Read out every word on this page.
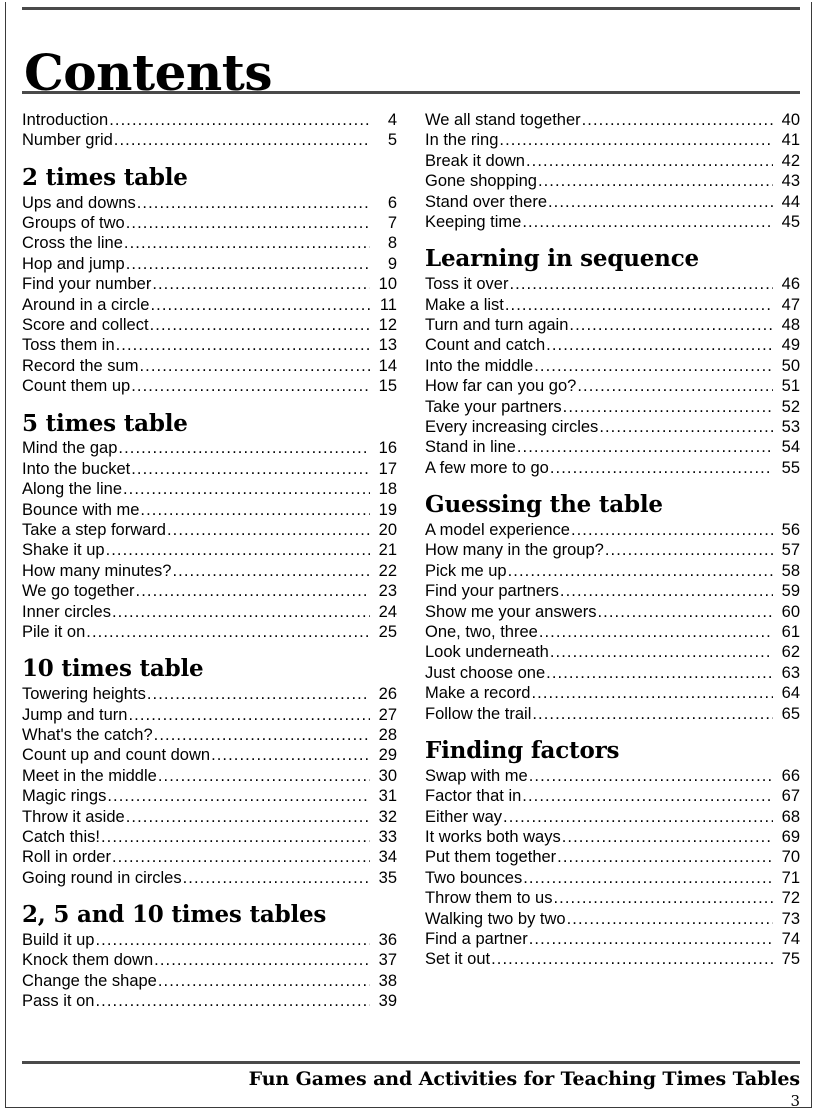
Contents
Introduction .....	4
Number grid .....	5
2 times table
Ups and downs .....	6
Groups of two .....	7
Cross the line .....	8
Hop and jump .....	9
Find your number .....	10
Around in a circle .....	11
Score and collect .....	12
Toss them in .....	13
Record the sum .....	14
Count them up .....	15
5 times table
Mind the gap .....	16
Into the bucket .....	17
Along the line .....	18
Bounce with me .....	19
Take a step forward .....	20
Shake it up .....	21
How many minutes? .....	22
We go together .....	23
Inner circles .....	24
Pile it on .....	25
10 times table
Towering heights .....	26
Jump and turn .....	27
What's the catch? .....	28
Count up and count down .....	29
Meet in the middle .....	30
Magic rings .....	31
Throw it aside .....	32
Catch this! .....	33
Roll in order .....	34
Going round in circles .....	35
2, 5 and 10 times tables
Build it up .....	36
Knock them down .....	37
Change the shape .....	38
Pass it on .....	39
We all stand together .....	40
In the ring .....	41
Break it down .....	42
Gone shopping .....	43
Stand over there .....	44
Keeping time .....	45
Learning in sequence
Toss it over .....	46
Make a list .....	47
Turn and turn again .....	48
Count and catch .....	49
Into the middle .....	50
How far can you go? .....	51
Take your partners .....	52
Every increasing circles .....	53
Stand in line .....	54
A few more to go .....	55
Guessing the table
A model experience .....	56
How many in the group? .....	57
Pick me up .....	58
Find your partners .....	59
Show me your answers .....	60
One, two, three .....	61
Look underneath .....	62
Just choose one .....	63
Make a record .....	64
Follow the trail .....	65
Finding factors
Swap with me .....	66
Factor that in .....	67
Either way .....	68
It works both ways .....	69
Put them together .....	70
Two bounces .....	71
Throw them to us .....	72
Walking two by two .....	73
Find a partner .....	74
Set it out .....	75
Fun Games and Activities for Teaching Times Tables
3
